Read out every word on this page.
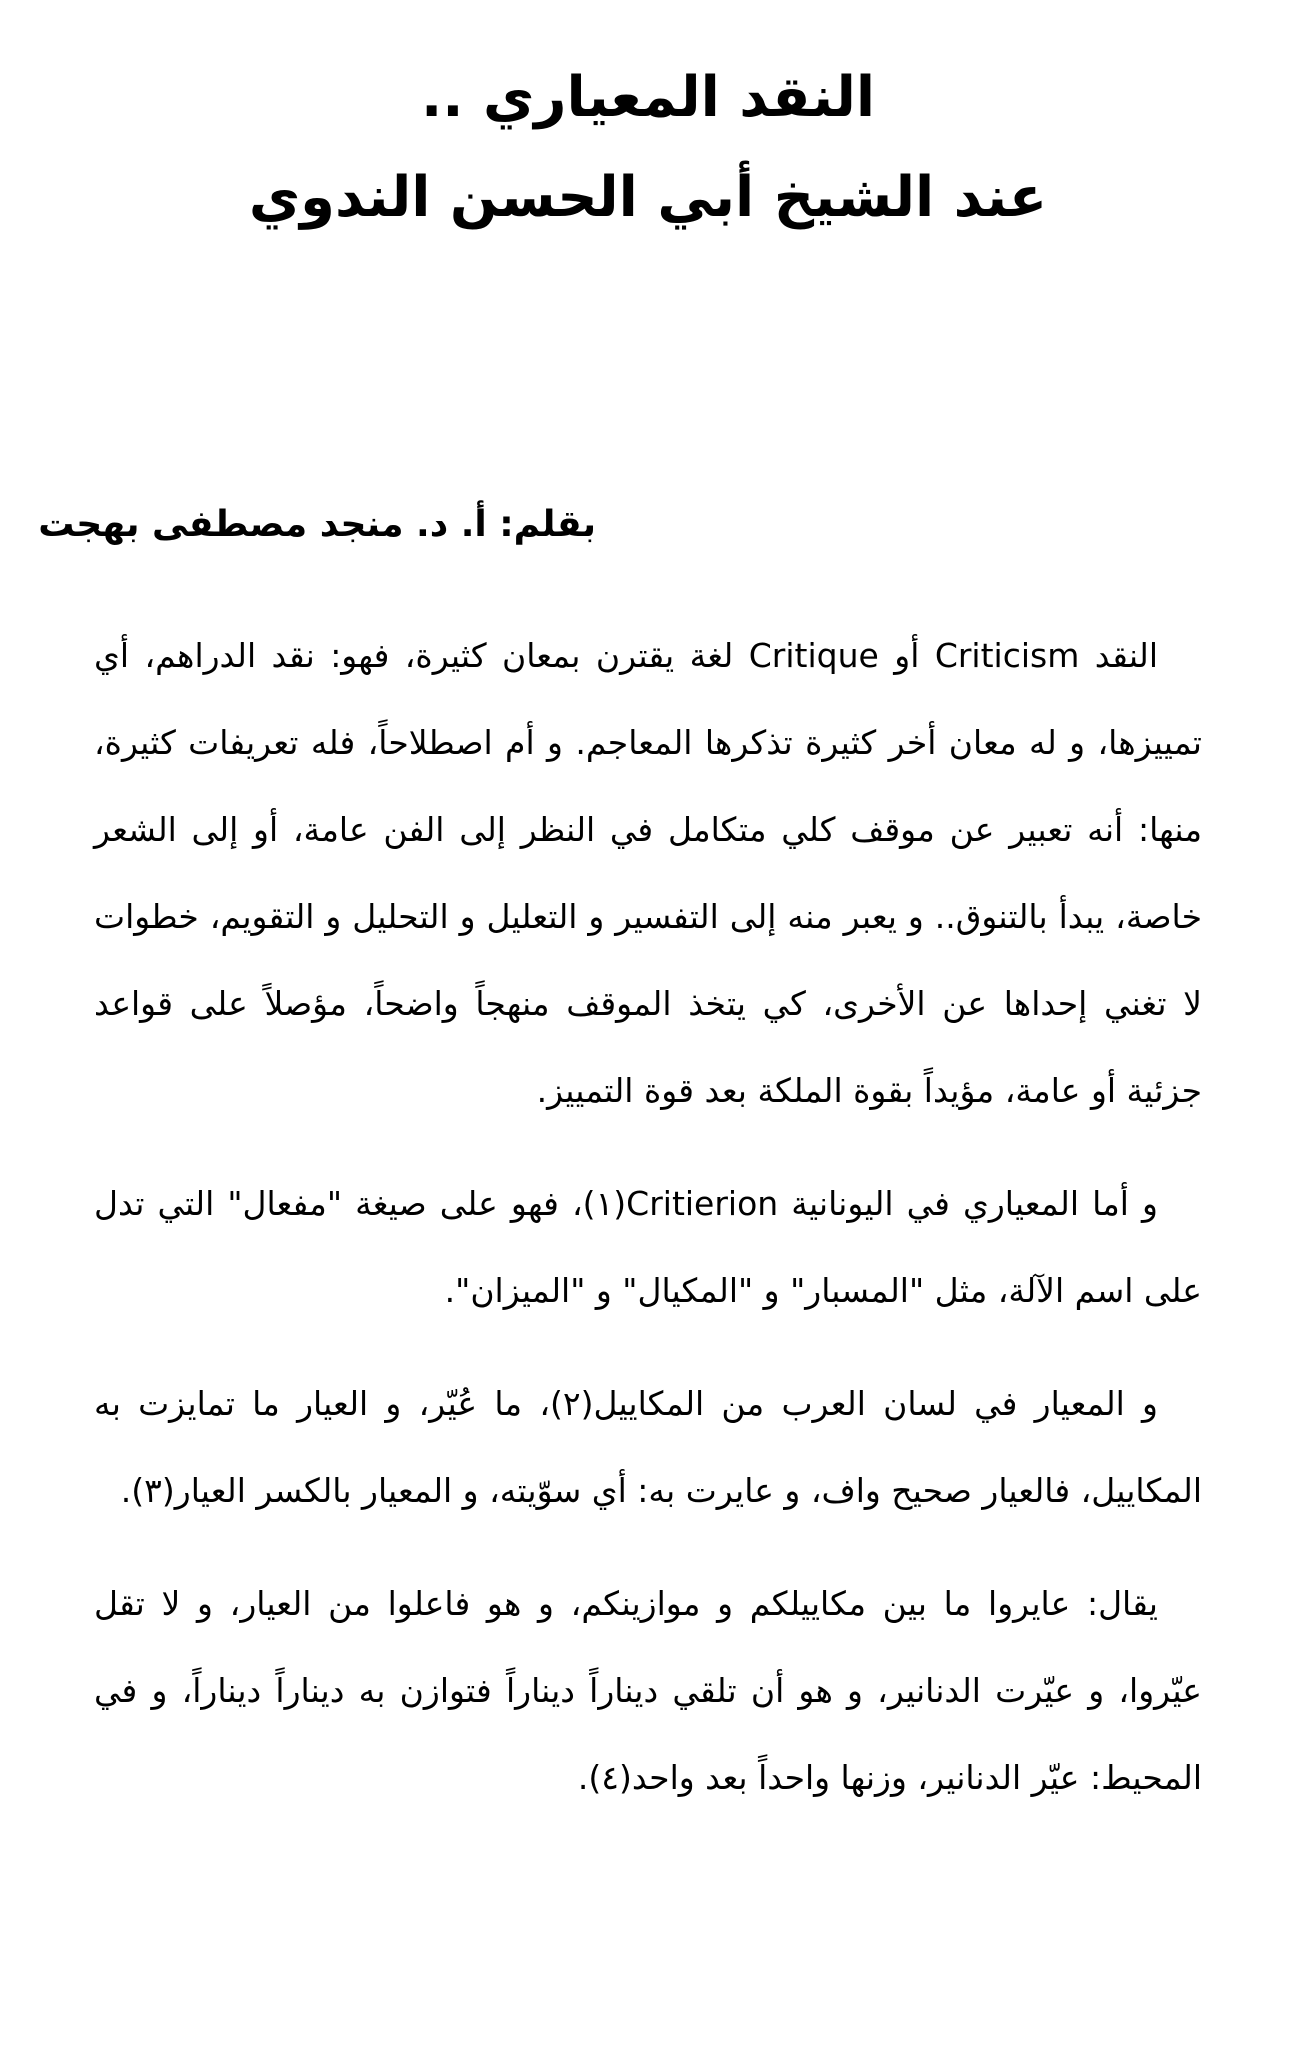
النقد المعياري ..
عند الشيخ أبي الحسن الندوي
بقلم: أ. د. منجد مصطفى بهجت

النقد Criticism أو Critique لغة يقترن بمعان كثيرة، فهو: نقد الدراهم، أي تمييزها، و له معان أخر كثيرة تذكرها المعاجم. و أم اصطلاحاً، فله تعريفات كثيرة، منها: أنه تعبير عن موقف كلي متكامل في النظر إلى الفن عامة، أو إلى الشعر خاصة، يبدأ بالتنوق.. و يعبر منه إلى التفسير و التعليل و التحليل و التقويم، خطوات لا تغني إحداها عن الأخرى، كي يتخذ الموقف منهجاً واضحاً، مؤصلاً على قواعد جزئية أو عامة، مؤيداً بقوة الملكة بعد قوة التمييز.

و أما المعياري في اليونانية Critierion(١)، فهو على صيغة "مفعال" التي تدل على اسم الآلة، مثل "المسبار" و "المكيال" و "الميزان".

و المعيار في لسان العرب من المكاييل(٢)، ما عُيّر، و العيار ما تمايزت به المكاييل، فالعيار صحيح واف، و عايرت به: أي سوّيته، و المعيار بالكسر العيار(٣).

يقال: عايروا ما بين مكاييلكم و موازينكم، و هو فاعلوا من العيار، و لا تقل عيّروا، و عيّرت الدنانير، و هو أن تلقي ديناراً ديناراً فتوازن به ديناراً ديناراً، و في المحيط: عيّر الدنانير، وزنها واحداً بعد واحد(٤).
